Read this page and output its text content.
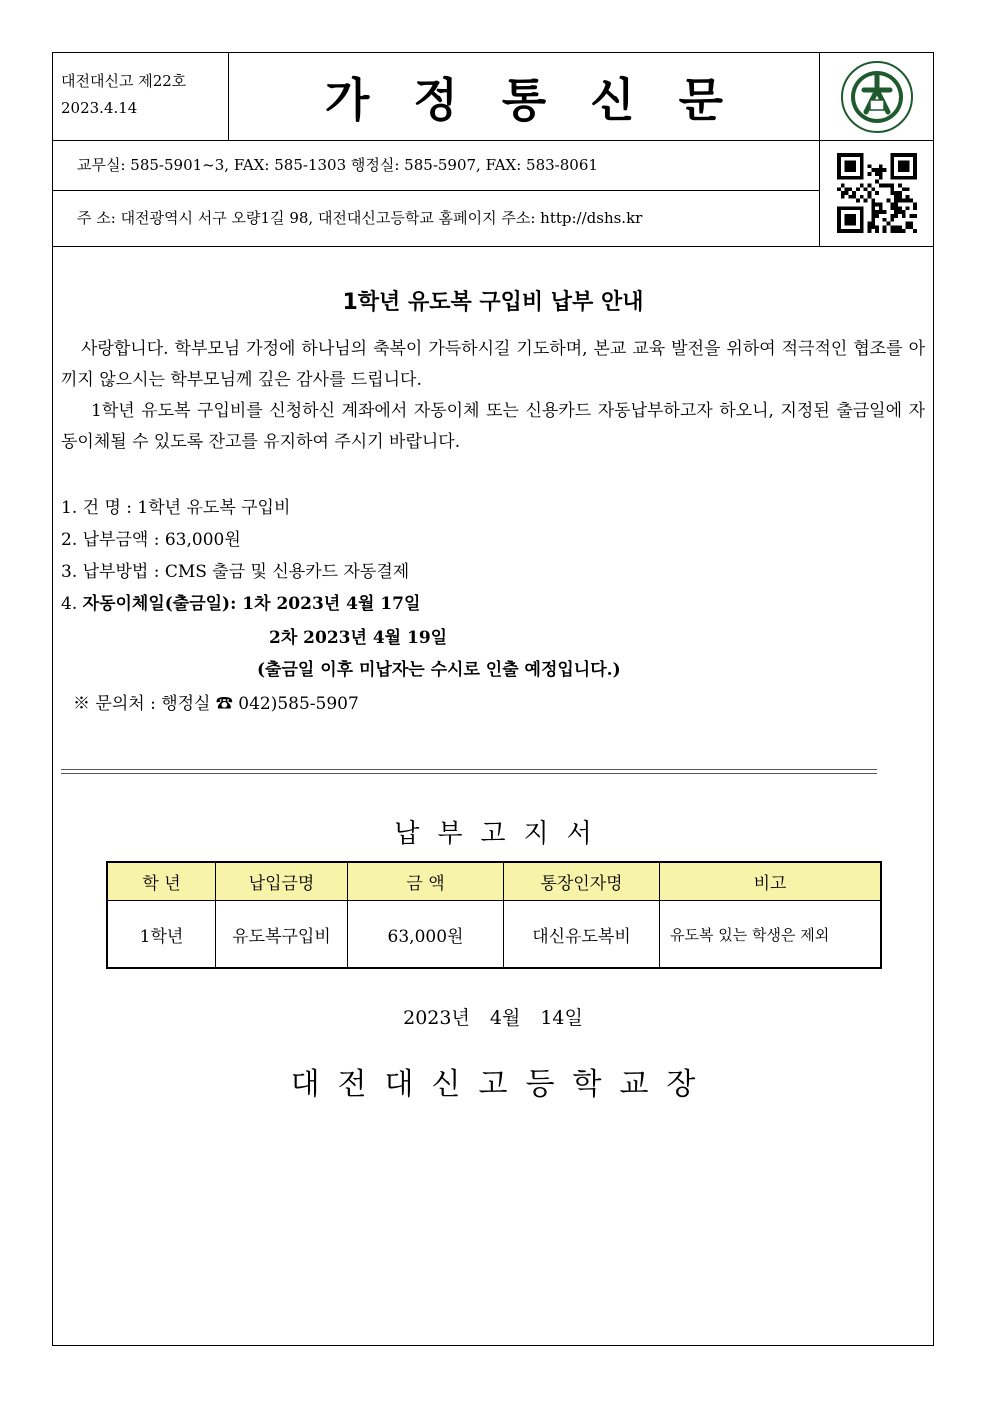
대전대신고 제22호
2023.4.14	가정통신문
교무실: 585-5901~3, FAX: 585-1303 행정실: 585-5907, FAX: 583-8061
주 소: 대전광역시 서구 오량1길 98, 대전대신고등학교 홈페이지 주소: http://dshs.kr
1학년 유도복 구입비 납부 안내
사랑합니다. 학부모님 가정에 하나님의 축복이 가득하시길 기도하며, 본교 교육 발전을 위하여 적극적인 협조를 아끼지 않으시는 학부모님께 깊은 감사를 드립니다.
1학년 유도복 구입비를 신청하신 계좌에서 자동이체 또는 신용카드 자동납부하고자 하오니, 지정된 출금일에 자동이체될 수 있도록 잔고를 유지하여 주시기 바랍니다.
1. 건 명 : 1학년 유도복 구입비
2. 납부금액 : 63,000원
3. 납부방법 : CMS 출금 및 신용카드 자동결제
4. 자동이체일(출금일): 1차 2023년 4월 17일
2차 2023년 4월 19일
(출금일 이후 미납자는 수시로 인출 예정입니다.)
※ 문의처 : 행정실 ☎ 042)585-5907
납부고지서
학 년	납입금명	금 액	통장인자명	비고
1학년	유도복구입비	63,000원	대신유도복비	유도복 있는 학생은 제외
2023년 4월 14일
대전대신고등학교장
